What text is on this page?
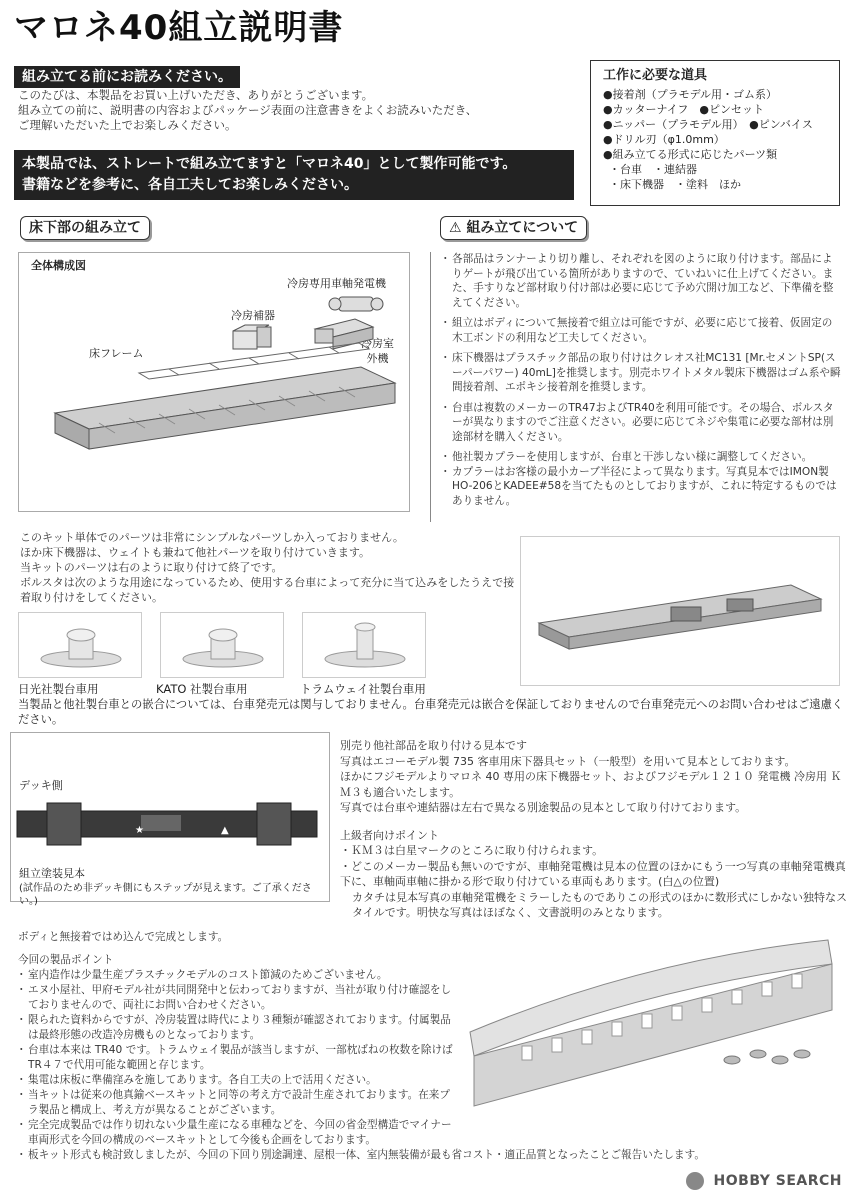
マロネ40組立説明書
組み立てる前にお読みください。
このたびは、本製品をお買い上げいただき、ありがとうございます。
組み立ての前に、説明書の内容およびパッケージ表面の注意書きをよくお読みいただき、
ご理解いただいた上でお楽しみください。
本製品では、ストレートで組み立てますと「マロネ40」として製作可能です。
書籍などを参考に、各自工夫してお楽しみください。
工作に必要な道具
●接着剤（プラモデル用・ゴム系）
●カッターナイフ　●ピンセット
●ニッパー（プラモデル用）　●ピンバイス
●ドリル刃（φ1.0mm）
●組み立てる形式に応じたパーツ類
・台車　・連結器
・床下機器　・塗料　ほか
床下部の組み立て	⚠ 組み立てについて
全体構成図
冷房専用車軸発電機
冷房補器
床フレーム
冷房室
外機
・ 各部品はランナーより切り離し、それぞれを図のように取り付けます。部品によりゲートが飛び出ている箇所がありますので、ていねいに仕上げてください。また、手すりなど部材取り付け部は必要に応じて予め穴開け加工など、下準備を整えてください。
・ 組立はボディについて無接着で組立は可能ですが、必要に応じて接着、仮固定の木工ボンドの利用など工夫してください。
・ 床下機器はプラスチック部品の取り付けはクレオス社MC131 [Mr.セメントSP(スーパーパワー) 40mL]を推奨します。別売ホワイトメタル製床下機器はゴム系や瞬間接着剤、エポキシ接着剤を推奨します。
・ 台車は複数のメーカーのTR47およびTR40を利用可能です。その場合、ボルスターが異なりますのでご注意ください。必要に応じてネジや集電に必要な部材は別途部材を購入ください。
・ 他社製カプラーを使用しますが、台車と干渉しない様に調整してください。
・ カプラーはお客様の最小カーブ半径によって異なります。写真見本ではIMON製HO-206とKADEE#58を当てたものとしておりますが、これに特定するものではありません。
このキット単体でのパーツは非常にシンプルなパーツしか入っておりません。
ほか床下機器は、ウェイトも兼ねて他社パーツを取り付けていきます。
当キットのパーツは右のように取り付けて終了です。
ボルスタは次のような用途になっているため、使用する台車によって充分に当て込みをしたうえで接着取り付けをしてください。
日光社製台車用	KATO 社製台車用	トラムウェイ社製台車用
当製品と他社製台車との嵌合については、台車発売元は関与しておりません。台車発売元は嵌合を保証しておりませんので台車発売元へのお問い合わせはご遠慮ください。
デッキ側
★	▲
組立塗装見本
(試作品のため非デッキ側にもステップが見えます。ご了承ください。)
別売り他社部品を取り付ける見本です
写真はエコーモデル製 735 客車用床下器具セット（一般型）を用いて見本としております。
ほかにフジモデルよりマロネ 40 専用の床下機器セット、およびフジモデル１２１０ 発電機 冷房用 ＫＭ３も適合いたします。
写真では台車や連結器は左右で異なる別途製品の見本として取り付けております。
上級者向けポイント
・ＫＭ３は白星マークのところに取り付けられます。
・どこのメーカー製品も無いのですが、車軸発電機は見本の位置のほかにもう一つ写真の車軸発電機真下に、車軸両車軸に掛かる形で取り付けている車両もあります。(白△の位置)
カタチは見本写真の車軸発電機をミラーしたものでありこの形式のほかに数形式にしかない独特なスタイルです。明快な写真はほぼなく、文書説明のみとなります。
ボディと無接着ではめ込んで完成とします。
今回の製品ポイント
・ 室内造作は少量生産プラスチックモデルのコスト節減のためございません。
・ エヌ小屋社、甲府モデル社が共同開発中と伝わっておりますが、当社が取り付け確認をしておりませんので、両社にお問い合わせください。
・ 限られた資料からですが、冷房装置は時代により３種類が確認されております。付属製品は最終形態の改造冷房機ものとなっております。
・ 台車は本来は TR40 です。トラムウェイ製品が該当しますが、一部枕ばねの枚数を除けば TR４７で代用可能な範囲と存じます。
・ 集電は床板に準備窪みを施してあります。各自工夫の上で活用ください。
・ 当キットは従来の他真鍮ベースキットと同等の考え方で設計生産されております。在来プラ製品と構成上、考え方が異なることがございます。
・ 完全完成製品では作り切れない少量生産になる車種などを、今回の省金型構造でマイナー車両形式を今回の構成のベースキットとして今後も企画をしております。
・ 板キット形式も検討致しましたが、今回の下回り別途調達、屋根一体、室内無装備が最も省コスト・適正品質となったことご報告いたします。
HOBBY SEARCH
